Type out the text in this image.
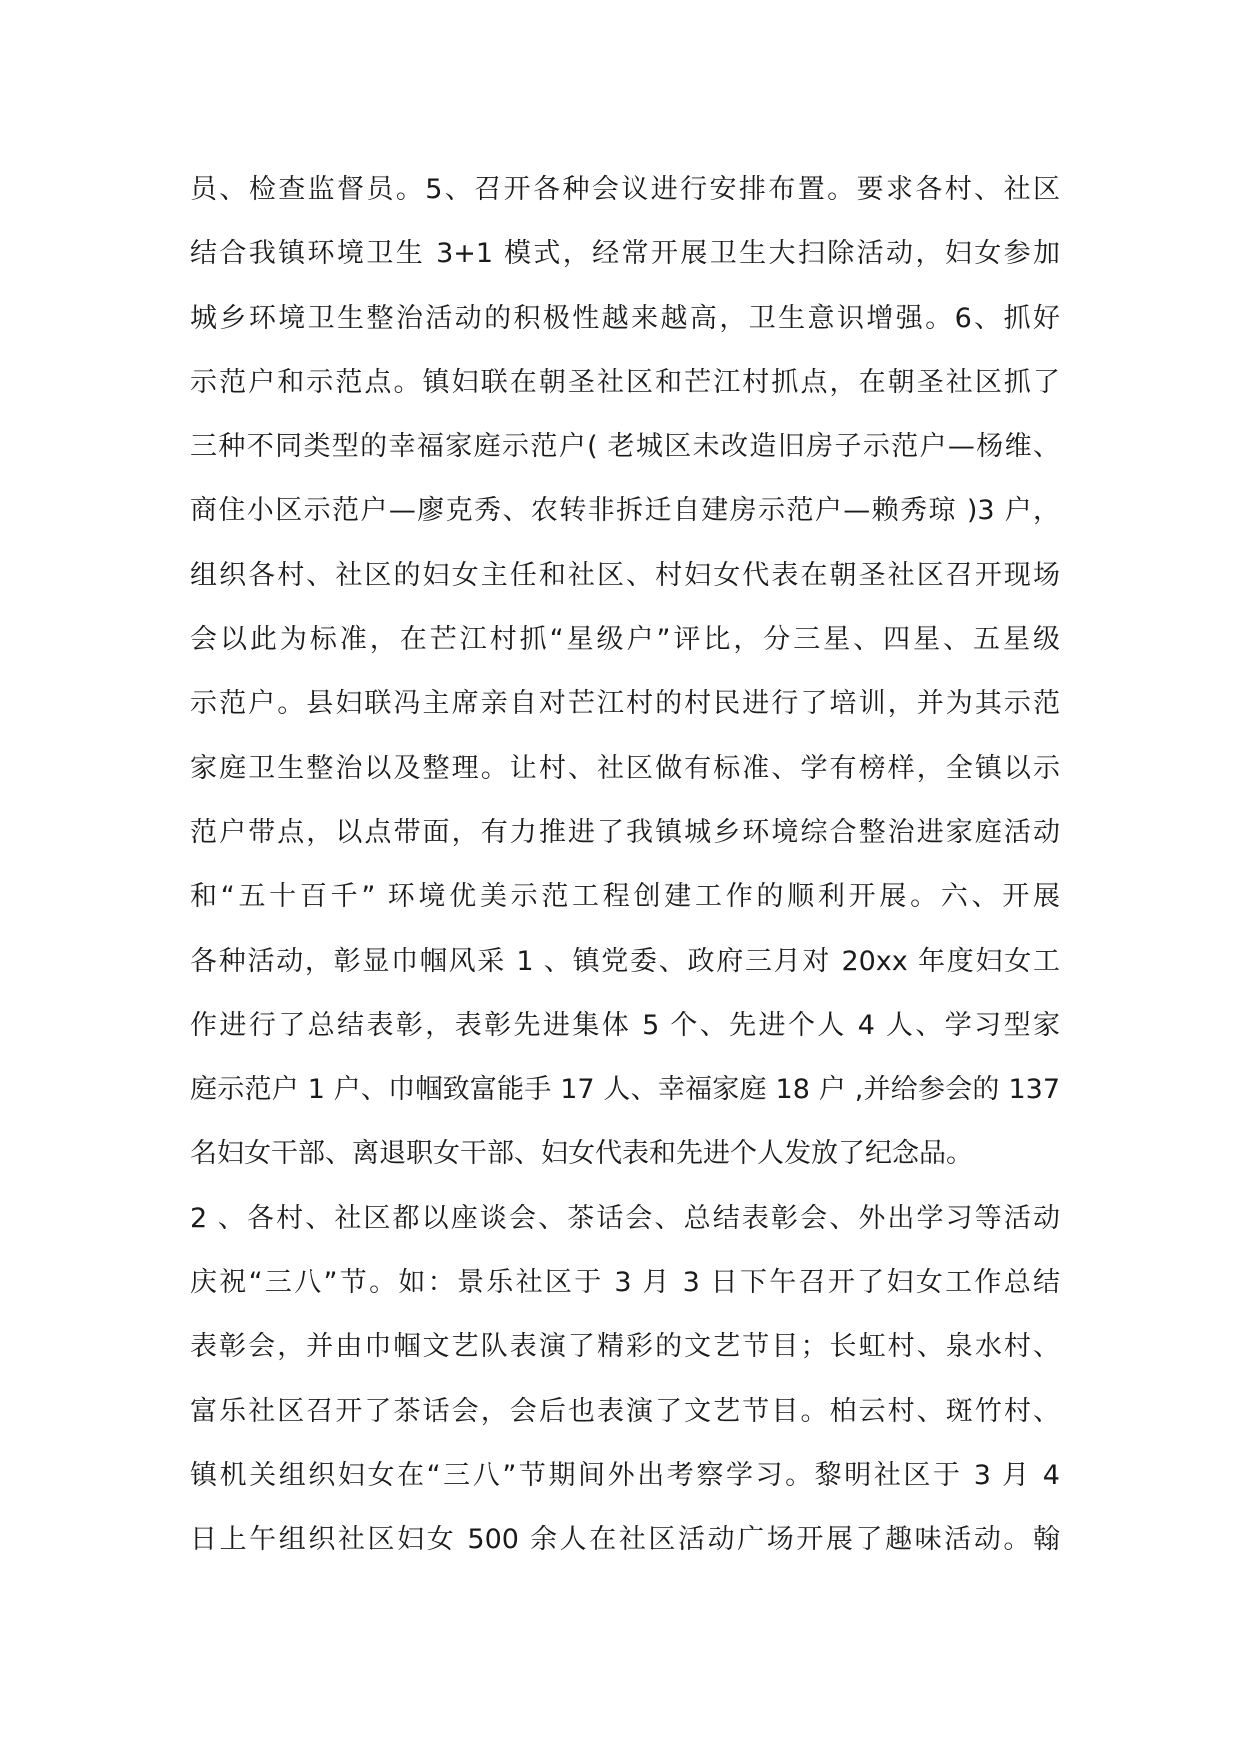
员、检查监督员。5、召开各种会议进行安排布置。要求各村、社区
结合我镇环境卫生 3+1 模式，经常开展卫生大扫除活动，妇女参加
城乡环境卫生整治活动的积极性越来越高，卫生意识增强。6、抓好
示范户和示范点。镇妇联在朝圣社区和芒江村抓点，在朝圣社区抓了
三种不同类型的幸福家庭示范户( 老城区未改造旧房子示范户—杨维、
商住小区示范户—廖克秀、农转非拆迁自建房示范户—赖秀琼 )3 户，
组织各村、社区的妇女主任和社区、村妇女代表在朝圣社区召开现场
会以此为标准，在芒江村抓“星级户”评比，分三星、四星、五星级
示范户。县妇联冯主席亲自对芒江村的村民进行了培训，并为其示范
家庭卫生整治以及整理。让村、社区做有标准、学有榜样，全镇以示
范户带点，以点带面，有力推进了我镇城乡环境综合整治进家庭活动
和“五十百千” 环境优美示范工程创建工作的顺利开展。六、开展
各种活动，彰显巾帼风采 1 、镇党委、政府三月对 20xx 年度妇女工
作进行了总结表彰，表彰先进集体 5 个、先进个人 4 人、学习型家
庭示范户 1 户、巾帼致富能手 17 人、幸福家庭 18 户 ,并给参会的 137
名妇女干部、离退职女干部、妇女代表和先进个人发放了纪念品。
2 、各村、社区都以座谈会、茶话会、总结表彰会、外出学习等活动
庆祝“三八”节。如：景乐社区于 3 月 3 日下午召开了妇女工作总结
表彰会，并由巾帼文艺队表演了精彩的文艺节目；长虹村、泉水村、
富乐社区召开了茶话会，会后也表演了文艺节目。柏云村、斑竹村、
镇机关组织妇女在“三八”节期间外出考察学习。黎明社区于 3 月 4
日上午组织社区妇女 500 余人在社区活动广场开展了趣味活动。翰
